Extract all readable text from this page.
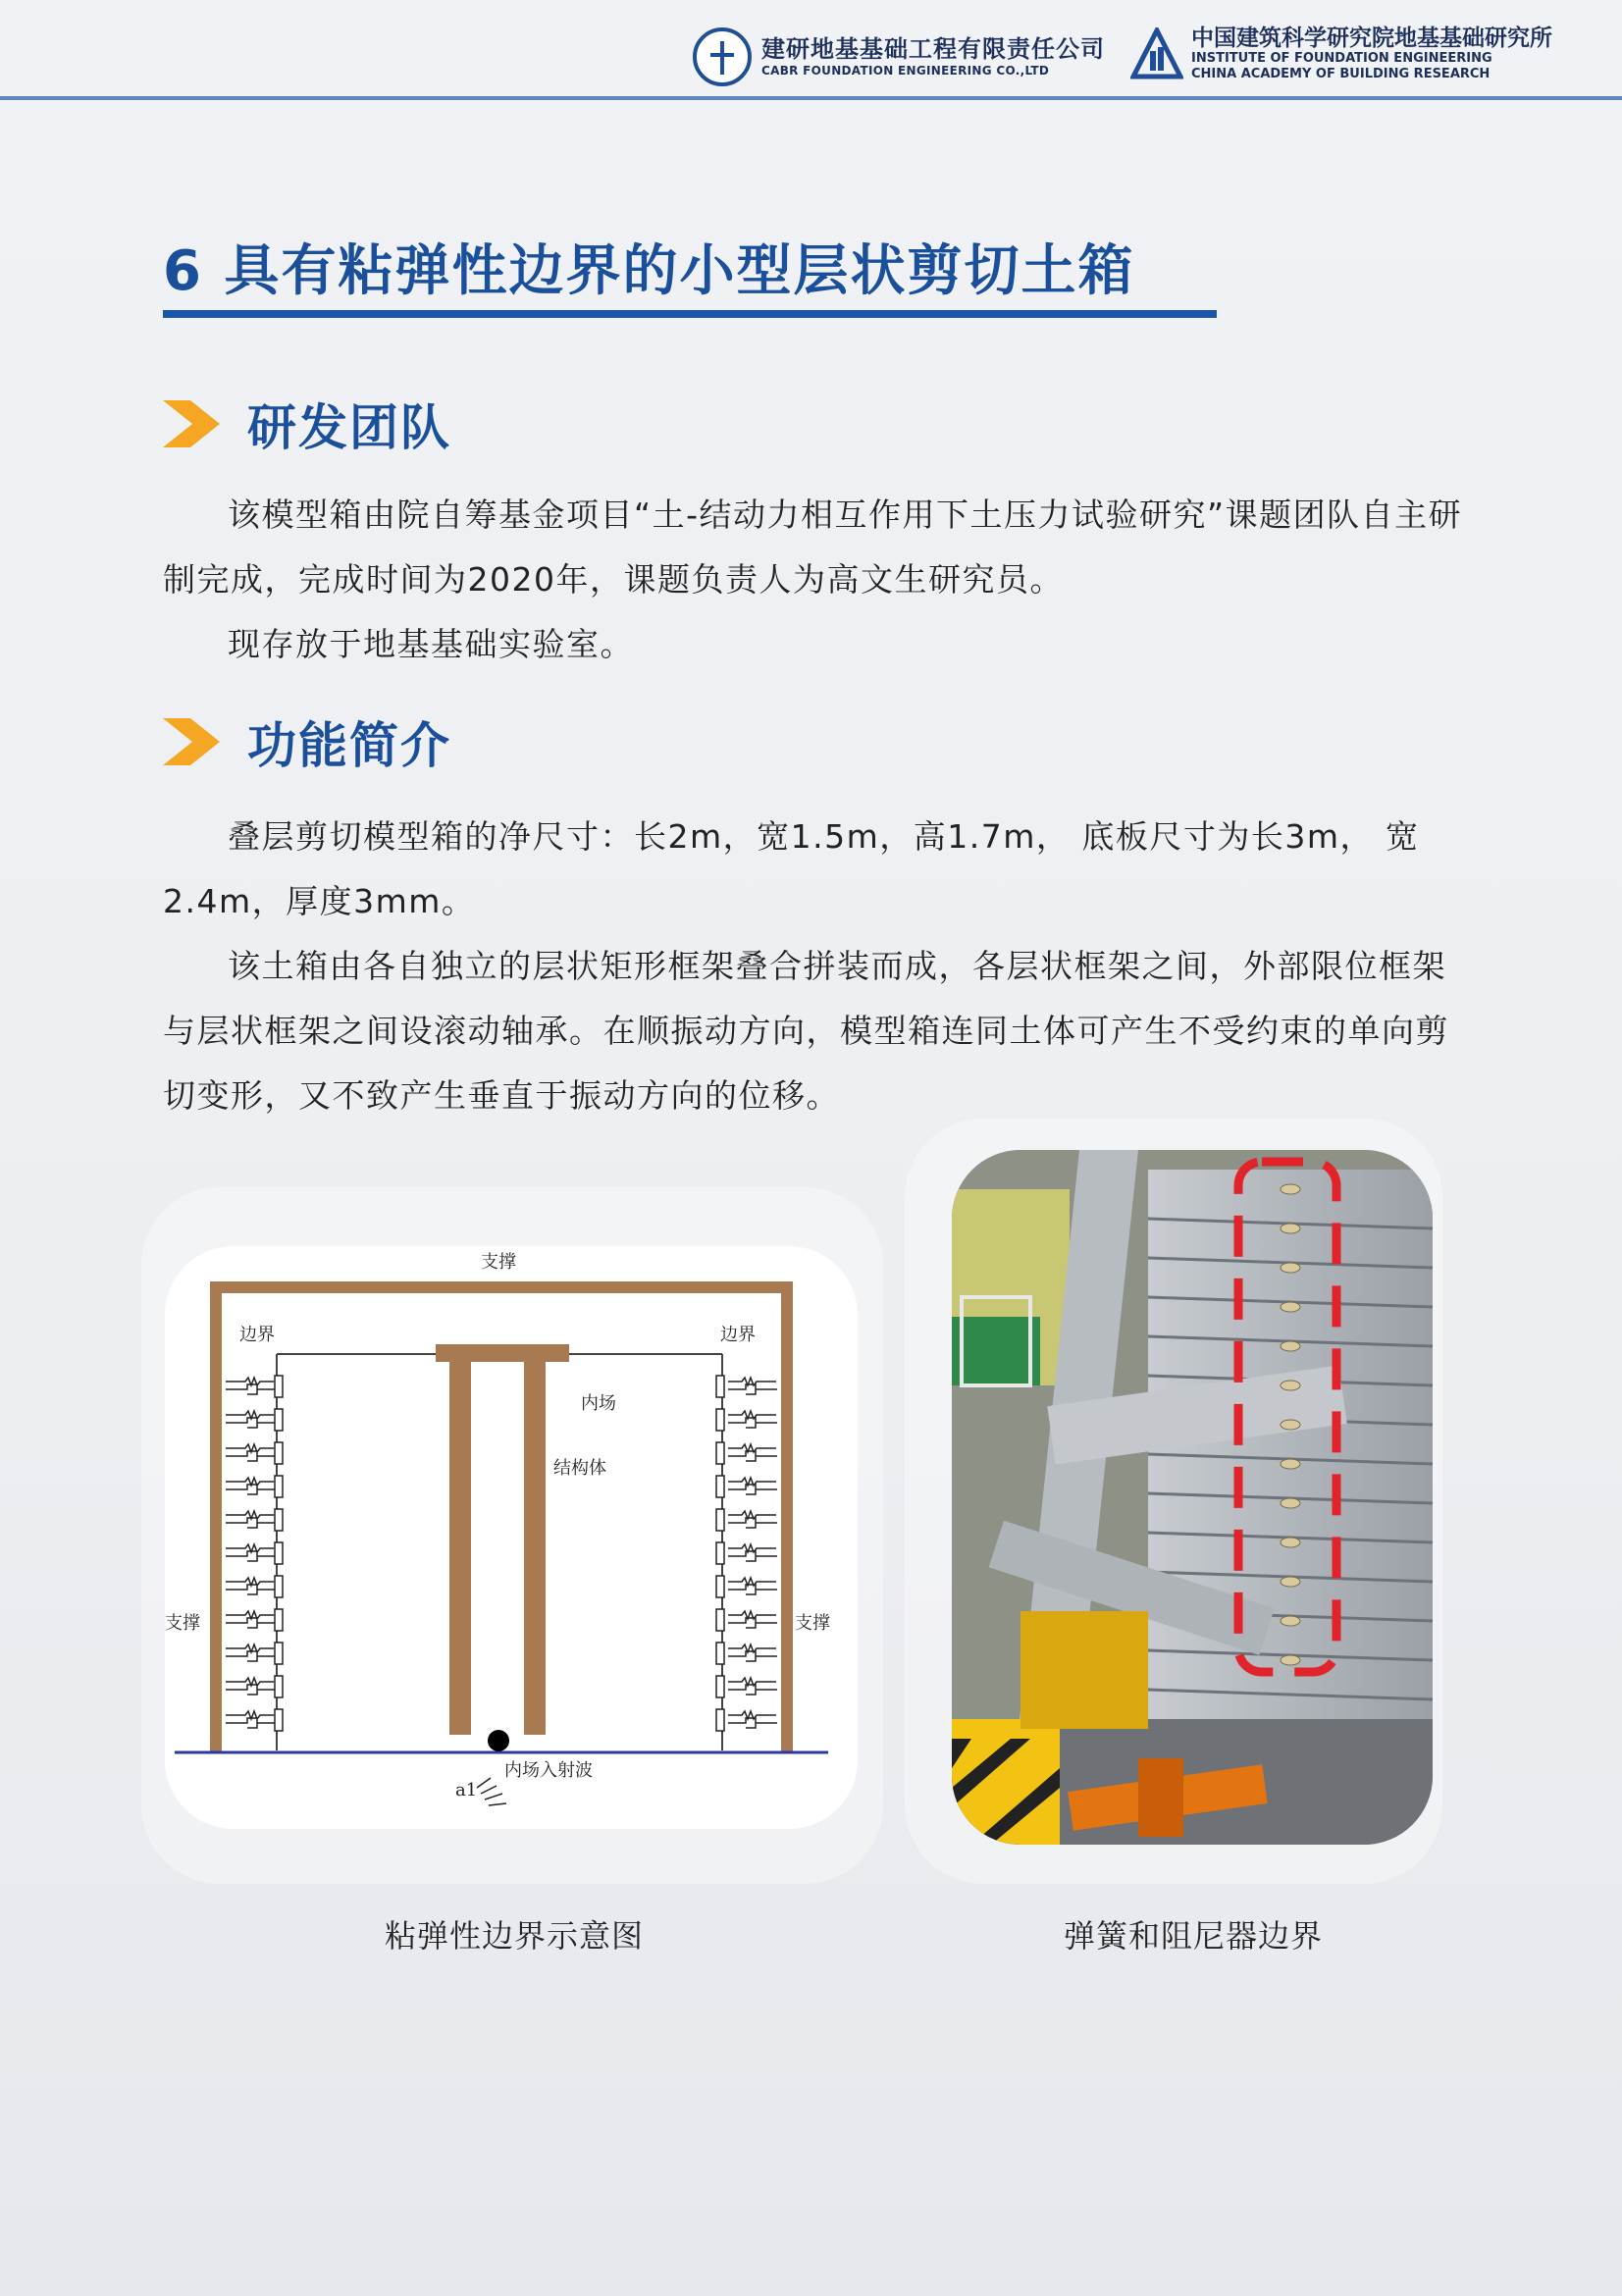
建研地基基础工程有限责任公司
CABR FOUNDATION ENGINEERING CO.,LTD
中国建筑科学研究院地基基础研究所
INSTITUTE OF FOUNDATION ENGINEERING
CHINA ACADEMY OF BUILDING RESEARCH
6 具有粘弹性边界的小型层状剪切土箱
研发团队

该模型箱由院自筹基金项目“土-结动力相互作用下土压力试验研究”课题团队自主研制完成，完成时间为2020年，课题负责人为高文生研究员。

现存放于地基基础实验室。

功能简介

叠层剪切模型箱的净尺寸：长2m，宽1.5m，高1.7m， 底板尺寸为长3m， 宽2.4m，厚度3mm。

该土箱由各自独立的层状矩形框架叠合拼装而成，各层状框架之间，外部限位框架与层状框架之间设滚动轴承。在顺振动方向，模型箱连同土体可产生不受约束的单向剪切变形，又不致产生垂直于振动方向的位移。

支撑
边界	边界
内场
结构体
支撑	支撑
内场入射波
a1

粘弹性边界示意图	弹簧和阻尼器边界
